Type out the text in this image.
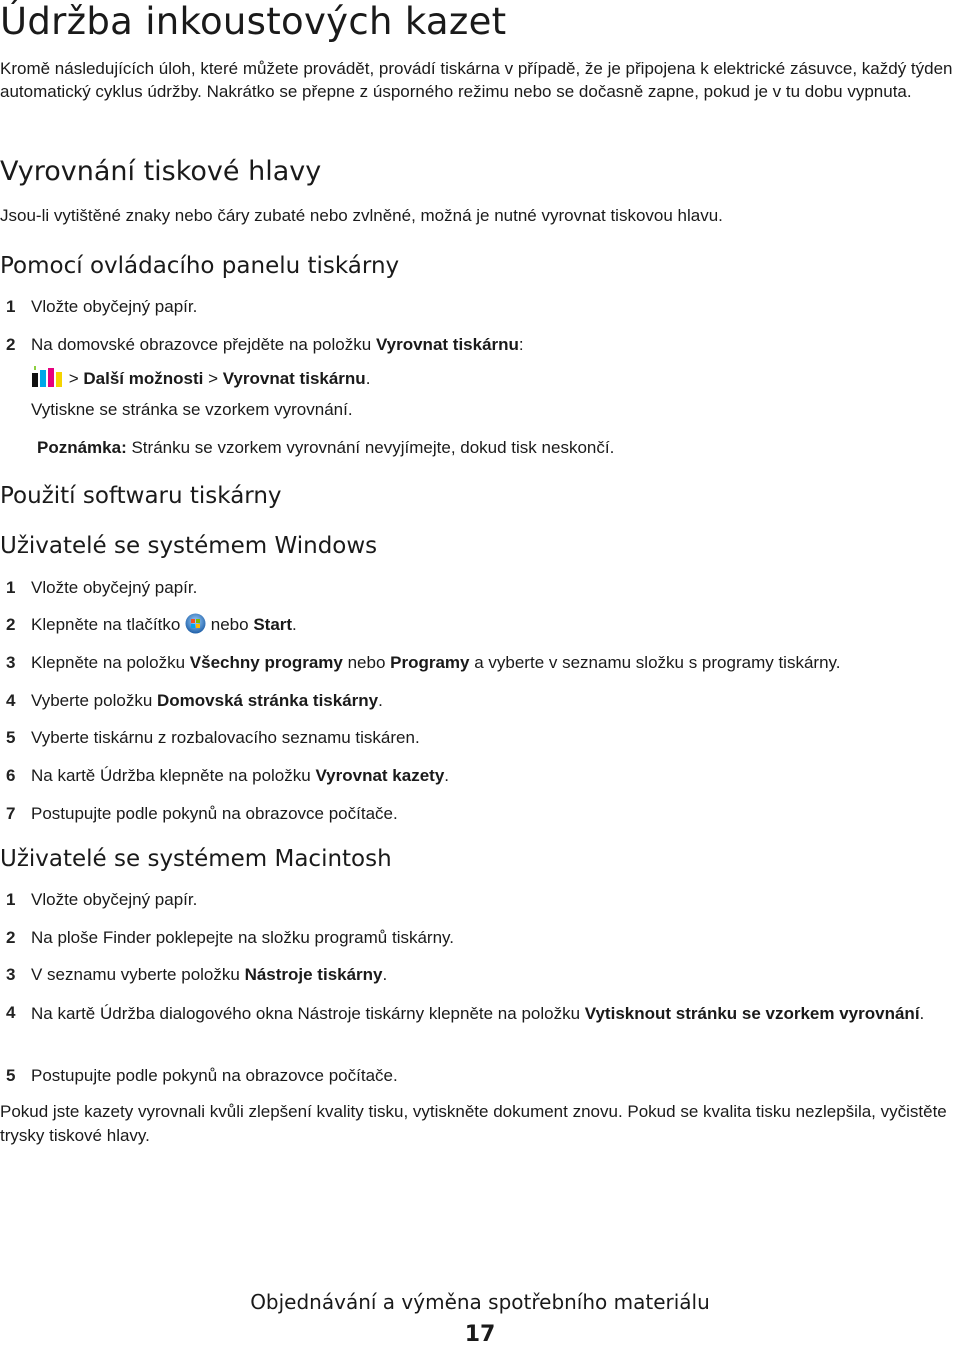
Údržba inkoustových kazet

Kromě následujících úloh, které můžete provádět, provádí tiskárna v případě, že je připojena k elektrické zásuvce, každý týden automatický cyklus údržby. Nakrátko se přepne z úsporného režimu nebo se dočasně zapne, pokud je v tu dobu vypnuta.

Vyrovnání tiskové hlavy

Jsou-li vytištěné znaky nebo čáry zubaté nebo zvlněné, možná je nutné vyrovnat tiskovou hlavu.

Pomocí ovládacího panelu tiskárny
1 Vložte obyčejný papír.
2 Na domovské obrazovce přejděte na položku Vyrovnat tiskárnu:
> Další možnosti > Vyrovnat tiskárnu.

Vytiskne se stránka se vzorkem vyrovnání.

Poznámka: Stránku se vzorkem vyrovnání nevyjímejte, dokud tisk neskončí.

Použití softwaru tiskárny
Uživatelé se systémem Windows
1 Vložte obyčejný papír.
2 Klepněte na tlačítko  nebo Start.
3 Klepněte na položku Všechny programy nebo Programy a vyberte v seznamu složku s programy tiskárny.
4 Vyberte položku Domovská stránka tiskárny.
5 Vyberte tiskárnu z rozbalovacího seznamu tiskáren.
6 Na kartě Údržba klepněte na položku Vyrovnat kazety.
7 Postupujte podle pokynů na obrazovce počítače.
Uživatelé se systémem Macintosh
1 Vložte obyčejný papír.
2 Na ploše Finder poklepejte na složku programů tiskárny.
3 V seznamu vyberte položku Nástroje tiskárny.
4 Na kartě Údržba dialogového okna Nástroje tiskárny klepněte na položku Vytisknout stránku se vzorkem vyrovnání.
5 Postupujte podle pokynů na obrazovce počítače.

Pokud jste kazety vyrovnali kvůli zlepšení kvality tisku, vytiskněte dokument znovu. Pokud se kvalita tisku nezlepšila, vyčistěte trysky tiskové hlavy.

Objednávání a výměna spotřebního materiálu
17
